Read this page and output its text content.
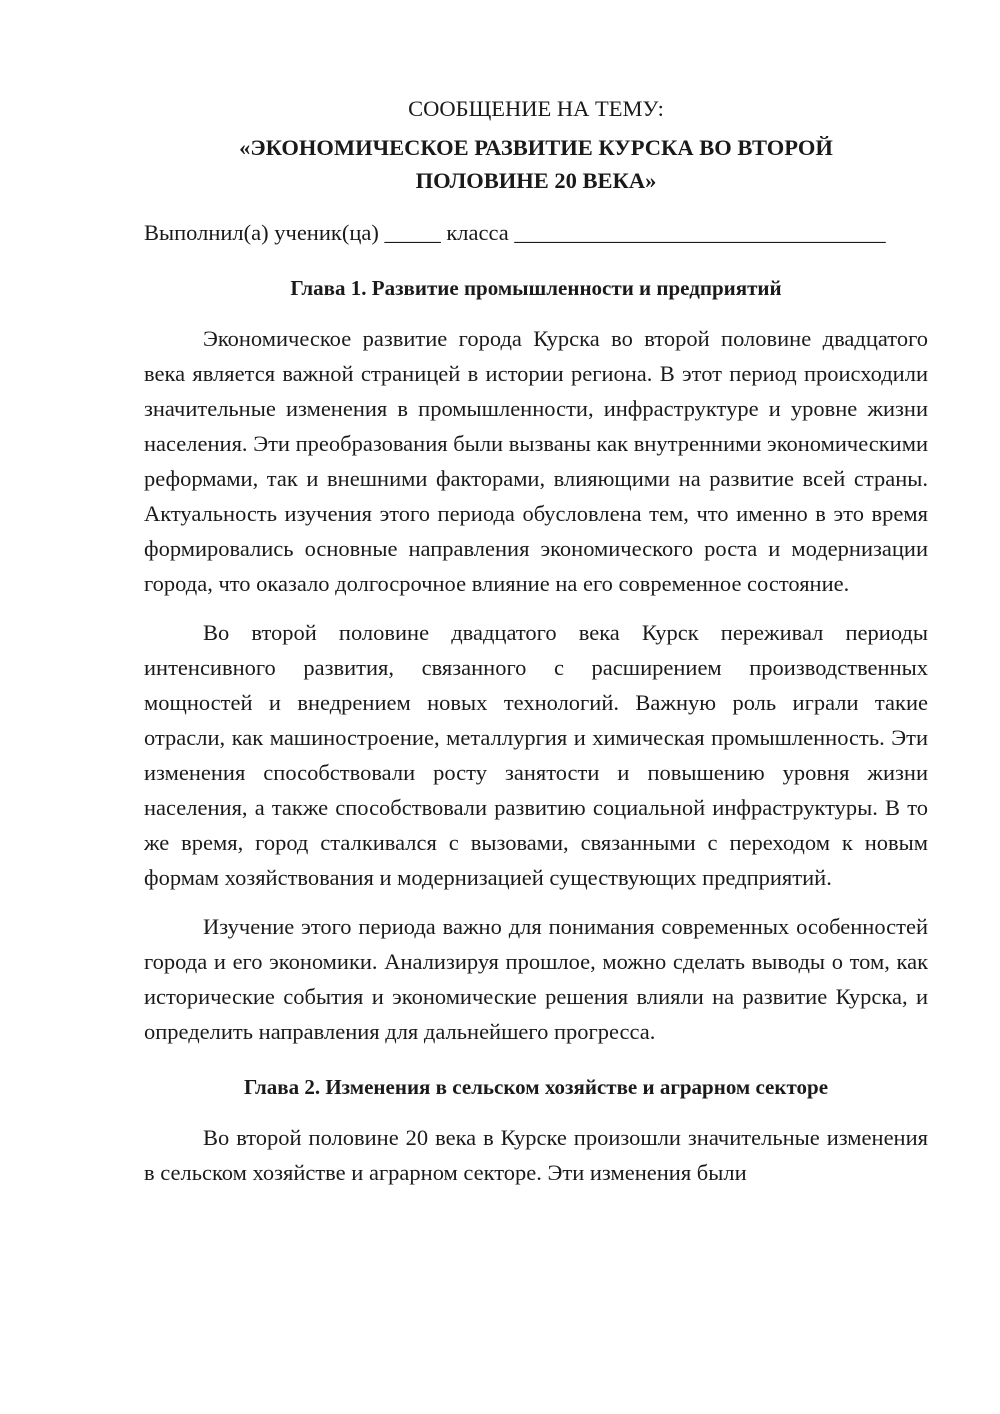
СООБЩЕНИЕ НА ТЕМУ:

«ЭКОНОМИЧЕСКОЕ РАЗВИТИЕ КУРСКА ВО ВТОРОЙ

ПОЛОВИНЕ 20 ВЕКА»

Выполнил(а) ученик(ца) _____ класса _________________________________

Глава 1. Развитие промышленности и предприятий

Экономическое развитие города Курска во второй половине двадцатого века является важной страницей в истории региона. В этот период происходили значительные изменения в промышленности, инфраструктуре и уровне жизни населения. Эти преобразования были вызваны как внутренними экономическими реформами, так и внешними факторами, влияющими на развитие всей страны. Актуальность изучения этого периода обусловлена тем, что именно в это время формировались основные направления экономического роста и модернизации города, что оказало долгосрочное влияние на его современное состояние.

Во второй половине двадцатого века Курск переживал периоды интенсивного развития, связанного с расширением производственных мощностей и внедрением новых технологий. Важную роль играли такие отрасли, как машиностроение, металлургия и химическая промышленность. Эти изменения способствовали росту занятости и повышению уровня жизни населения, а также способствовали развитию социальной инфраструктуры. В то же время, город сталкивался с вызовами, связанными с переходом к новым формам хозяйствования и модернизацией существующих предприятий.

Изучение этого периода важно для понимания современных особенностей города и его экономики. Анализируя прошлое, можно сделать выводы о том, как исторические события и экономические решения влияли на развитие Курска, и определить направления для дальнейшего прогресса.

Глава 2. Изменения в сельском хозяйстве и аграрном секторе

Во второй половине 20 века в Курске произошли значительные изменения в сельском хозяйстве и аграрном секторе. Эти изменения были
